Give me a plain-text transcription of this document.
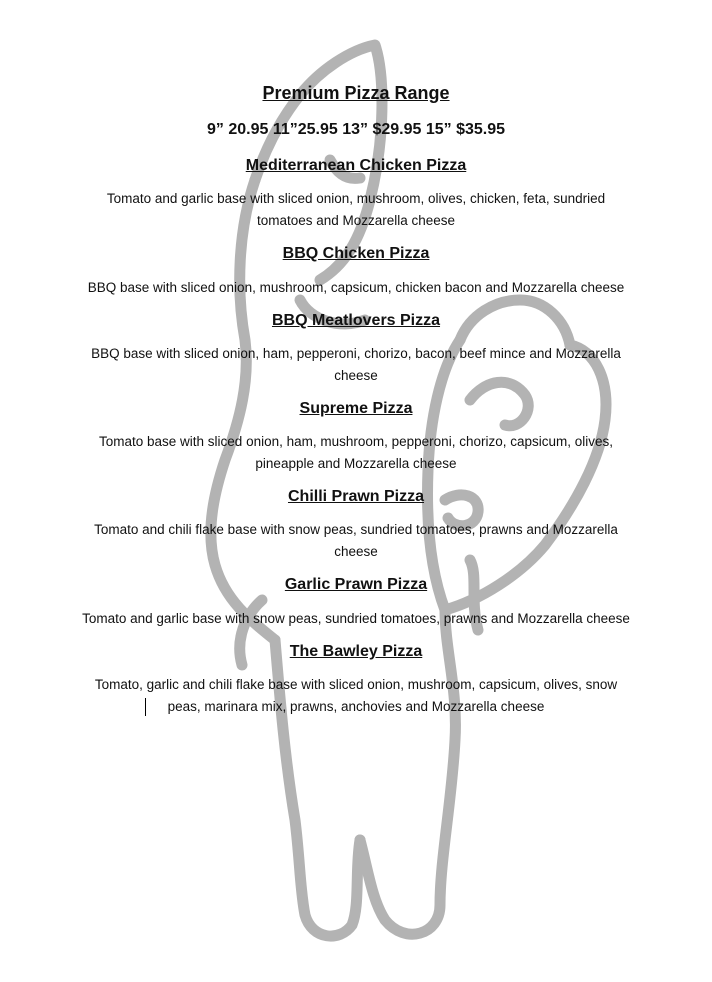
Premium Pizza Range

9” 20.95 11”25.95 13” $29.95 15” $35.95

Mediterranean Chicken Pizza

Tomato and garlic base with sliced onion, mushroom, olives, chicken, feta, sundried

tomatoes and Mozzarella cheese

BBQ Chicken Pizza

BBQ base with sliced onion, mushroom, capsicum, chicken bacon and Mozzarella cheese

BBQ Meatlovers Pizza

BBQ base with sliced onion, ham, pepperoni, chorizo, bacon, beef mince and Mozzarella

cheese

Supreme Pizza

Tomato base with sliced onion, ham, mushroom, pepperoni, chorizo, capsicum, olives,

pineapple and Mozzarella cheese

Chilli Prawn Pizza

Tomato and chili flake base with snow peas, sundried tomatoes, prawns and Mozzarella

cheese

Garlic Prawn Pizza

Tomato and garlic base with snow peas, sundried tomatoes, prawns and Mozzarella cheese

The Bawley Pizza

Tomato, garlic and chili flake base with sliced onion, mushroom, capsicum, olives, snow

peas, marinara mix, prawns, anchovies and Mozzarella cheese
